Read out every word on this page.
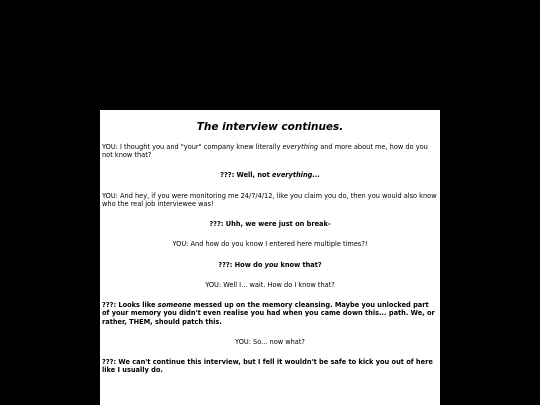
The interview continues.

YOU: I thought you and "your" company knew literally everything and more about me, how do you not know that?

???: Well, not everything...

YOU: And hey, if you were monitoring me 24/7/4/12, like you claim you do, then you would also know who the real job interviewee was!

???: Uhh, we were just on break-

YOU: And how do you know I entered here multiple times?!

???: How do you know that?

YOU: Well I... wait. How do I know that?

???: Looks like someone messed up on the memory cleansing. Maybe you unlocked part of your memory you didn't even realise you had when you came down this... path. We, or rather, THEM, should patch this.

YOU: So... now what?

???: We can't continue this interview, but I fell it wouldn't be safe to kick you out of here like I usually do.
